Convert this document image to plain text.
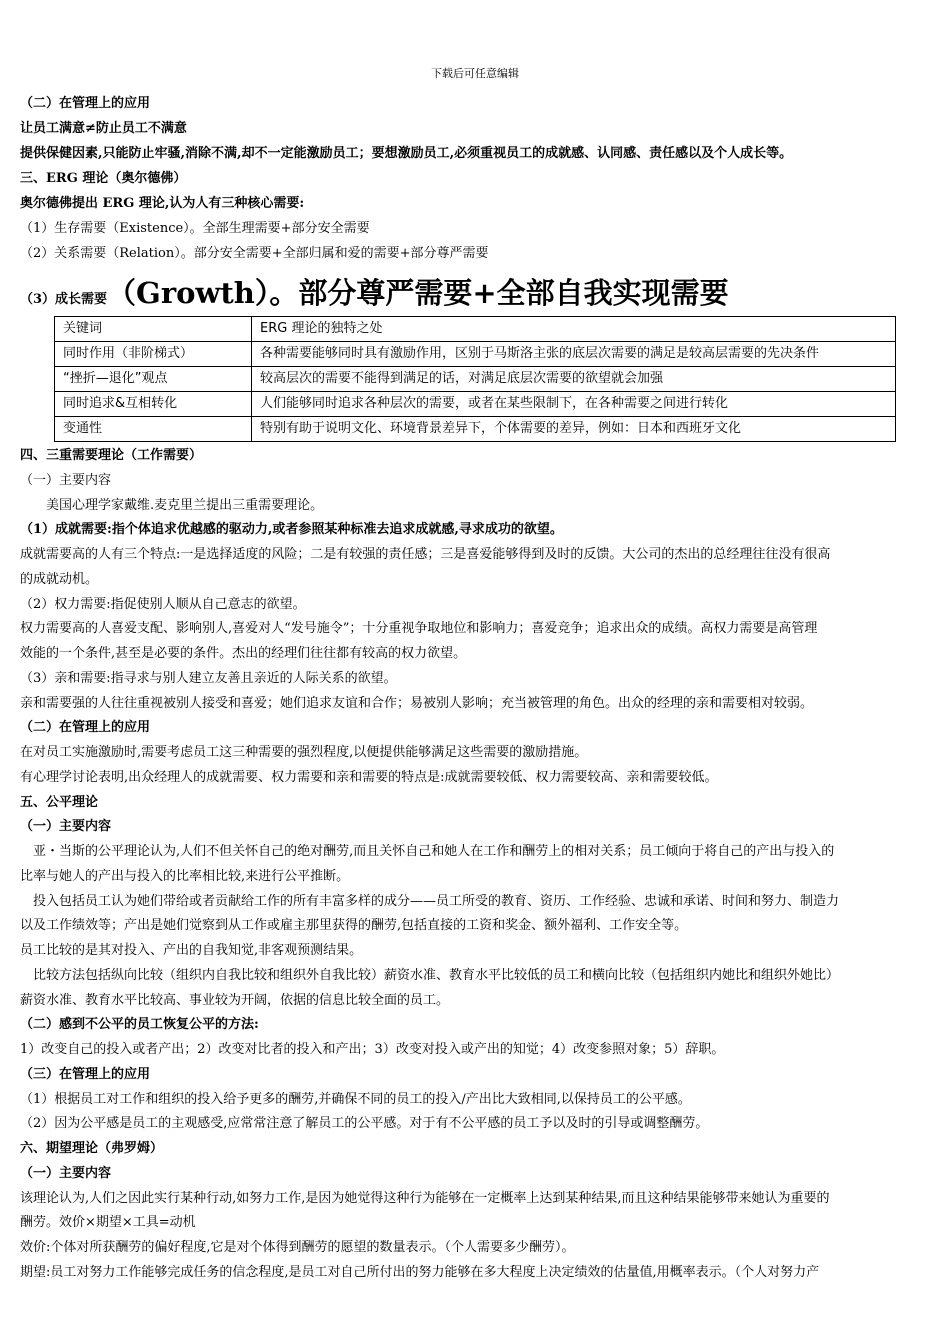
下载后可任意编辑
（二）在管理上的应用
让员工满意≠防止员工不满意
提供保健因素,只能防止牢骚,消除不满,却不一定能激励员工；要想激励员工,必须重视员工的成就感、认同感、责任感以及个人成长等。
三、ERG 理论（奥尔德佛）
奥尔德佛提出 ERG 理论,认为人有三种核心需要:
（1）生存需要（Existence）。全部生理需要+部分安全需要
（2）关系需要（Relation）。部分安全需要+全部归属和爱的需要+部分尊严需要
（3）成长需要（Growth）。部分尊严需要+全部自我实现需要
关键词	ERG 理论的独特之处
同时作用（非阶梯式）	各种需要能够同时具有激励作用，区别于马斯洛主张的底层次需要的满足是较高层需要的先决条件
“挫折—退化”观点	较高层次的需要不能得到满足的话，对满足底层次需要的欲望就会加强
同时追求&互相转化	人们能够同时追求各种层次的需要，或者在某些限制下，在各种需要之间进行转化
变通性	特别有助于说明文化、环境背景差异下，个体需要的差异，例如：日本和西班牙文化
四、三重需要理论（工作需要）
（一）主要内容
　　美国心理学家戴维.麦克里兰提出三重需要理论。
（1）成就需要:指个体追求优越感的驱动力,或者参照某种标准去追求成就感,寻求成功的欲望。
成就需要高的人有三个特点:一是选择适度的风险；二是有较强的责任感；三是喜爱能够得到及时的反馈。大公司的杰出的总经理往往没有很高
的成就动机。
（2）权力需要:指促使别人顺从自己意志的欲望。
权力需要高的人喜爱支配、影响别人,喜爱对人“发号施令”；十分重视争取地位和影响力；喜爱竞争；追求出众的成绩。高权力需要是高管理
效能的一个条件,甚至是必要的条件。杰出的经理们往往都有较高的权力欲望。
（3）亲和需要:指寻求与别人建立友善且亲近的人际关系的欲望。
亲和需要强的人往往重视被别人接受和喜爱；她们追求友谊和合作；易被别人影响；充当被管理的角色。出众的经理的亲和需要相对较弱。
（二）在管理上的应用
在对员工实施激励时,需要考虑员工这三种需要的强烈程度,以便提供能够满足这些需要的激励措施。
有心理学讨论表明,出众经理人的成就需要、权力需要和亲和需要的特点是:成就需要较低、权力需要较高、亲和需要较低。
五、公平理论
（一）主要内容
　亚・当斯的公平理论认为,人们不但关怀自己的绝对酬劳,而且关怀自己和她人在工作和酬劳上的相对关系；员工倾向于将自己的产出与投入的
比率与她人的产出与投入的比率相比较,来进行公平推断。
　投入包括员工认为她们带给或者贡献给工作的所有丰富多样的成分——员工所受的教育、资历、工作经验、忠诚和承诺、时间和努力、制造力
以及工作绩效等；产出是她们觉察到从工作或雇主那里获得的酬劳,包括直接的工资和奖金、额外福利、工作安全等。
员工比较的是其对投入、产出的自我知觉,非客观预测结果。
　比较方法包括纵向比较（组织内自我比较和组织外自我比较）薪资水准、教育水平比较低的员工和横向比较（包括组织内她比和组织外她比）
薪资水准、教育水平比较高、事业较为开阔，依据的信息比较全面的员工。
（二）感到不公平的员工恢复公平的方法:
1）改变自己的投入或者产出；2）改变对比者的投入和产出；3）改变对投入或产出的知觉；4）改变参照对象；5）辞职。
（三）在管理上的应用
（1）根据员工对工作和组织的投入给予更多的酬劳,并确保不同的员工的投入/产出比大致相同,以保持员工的公平感。
（2）因为公平感是员工的主观感受,应常常注意了解员工的公平感。对于有不公平感的员工予以及时的引导或调整酬劳。
六、期望理论（弗罗姆）
（一）主要内容
该理论认为,人们之因此实行某种行动,如努力工作,是因为她觉得这种行为能够在一定概率上达到某种结果,而且这种结果能够带来她认为重要的
酬劳。效价×期望×工具=动机
效价:个体对所获酬劳的偏好程度,它是对个体得到酬劳的愿望的数量表示。（个人需要多少酬劳）。
期望:员工对努力工作能够完成任务的信念程度,是员工对自己所付出的努力能够在多大程度上决定绩效的估量值,用概率表示。（个人对努力产
